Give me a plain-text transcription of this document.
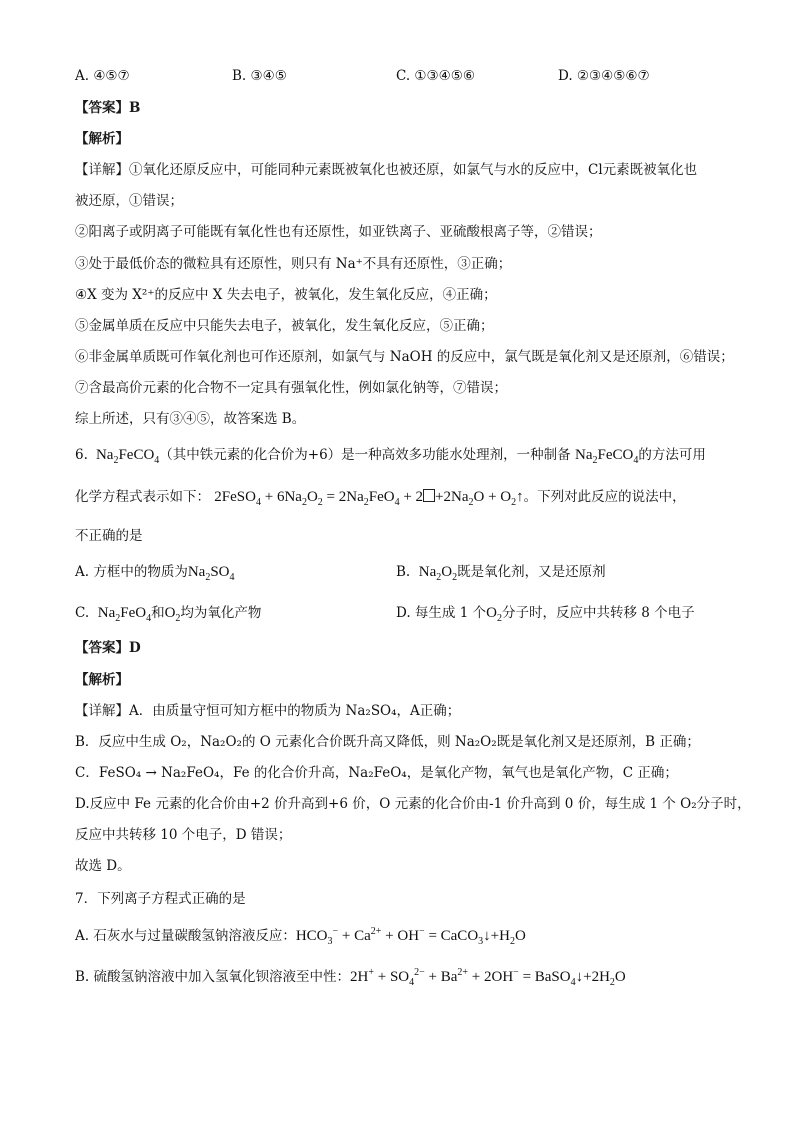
A. ④⑤⑦	B. ③④⑤	C. ①③④⑤⑥	D. ②③④⑤⑥⑦
【答案】B
【解析】
【详解】①氧化还原反应中，可能同种元素既被氧化也被还原，如氯气与水的反应中，Cl元素既被氧化也
被还原，①错误；
②阳离子或阴离子可能既有氧化性也有还原性，如亚铁离子、亚硫酸根离子等，②错误；
③处于最低价态的微粒具有还原性，则只有 Na⁺不具有还原性，③正确；
④X 变为 X²⁺的反应中 X 失去电子，被氧化，发生氧化反应，④正确；
⑤金属单质在反应中只能失去电子，被氧化，发生氧化反应，⑤正确；
⑥非金属单质既可作氧化剂也可作还原剂，如氯气与 NaOH 的反应中，氯气既是氧化剂又是还原剂，⑥错误；
⑦含最高价元素的化合物不一定具有强氧化性，例如氯化钠等，⑦错误；
综上所述，只有③④⑤，故答案选 B。
6.  $Na_2FeCO_4$（其中铁元素的化合价为+6）是一种高效多功能水处理剂，一种制备 $Na_2FeCO_4$的方法可用
化学方程式表示如下： 2FeSO$_4$ + $6Na_2O_2 = 2Na_2FeO_4 + 2 +2Na_2O$ + $O_2↑$。下列对此反应的说法中，
不正确的是
A. 方框中的物质为$Na_2SO_4$	B.  $Na_2O_2$既是氧化剂，又是还原剂
C.  $Na_2FeO_4$和$O_2$均为氧化产物	D. 每生成 1 个$O_2$分子时，反应中共转移 8 个电子
【答案】D
【解析】
【详解】A．由质量守恒可知方框中的物质为 Na₂SO₄，A正确；
B．反应中生成 O₂，Na₂O₂的 O 元素化合价既升高又降低，则 Na₂O₂既是氧化剂又是还原剂，B 正确；
C．FeSO₄ → Na₂FeO₄，Fe 的化合价升高，Na₂FeO₄，是氧化产物，氧气也是氧化产物，C 正确；
D.反应中 Fe 元素的化合价由+2 价升高到+6 价，O 元素的化合价由-1 价升高到 0 价，每生成 1 个 O₂分子时，
反应中共转移 10 个电子，D 错误；
故选 D。
7．下列离子方程式正确的是
A. 石灰水与过量碳酸氢钠溶液反应：$HCO_3^- + Ca^{2+} + OH^-$ = $CaCO_3↓+H_2O$
B. 硫酸氢钠溶液中加入氢氧化钡溶液至中性：$2H^+ + SO_4^{2-} + Ba^{2+} + 2OH^-$ = $BaSO_4↓+2H_2O$
